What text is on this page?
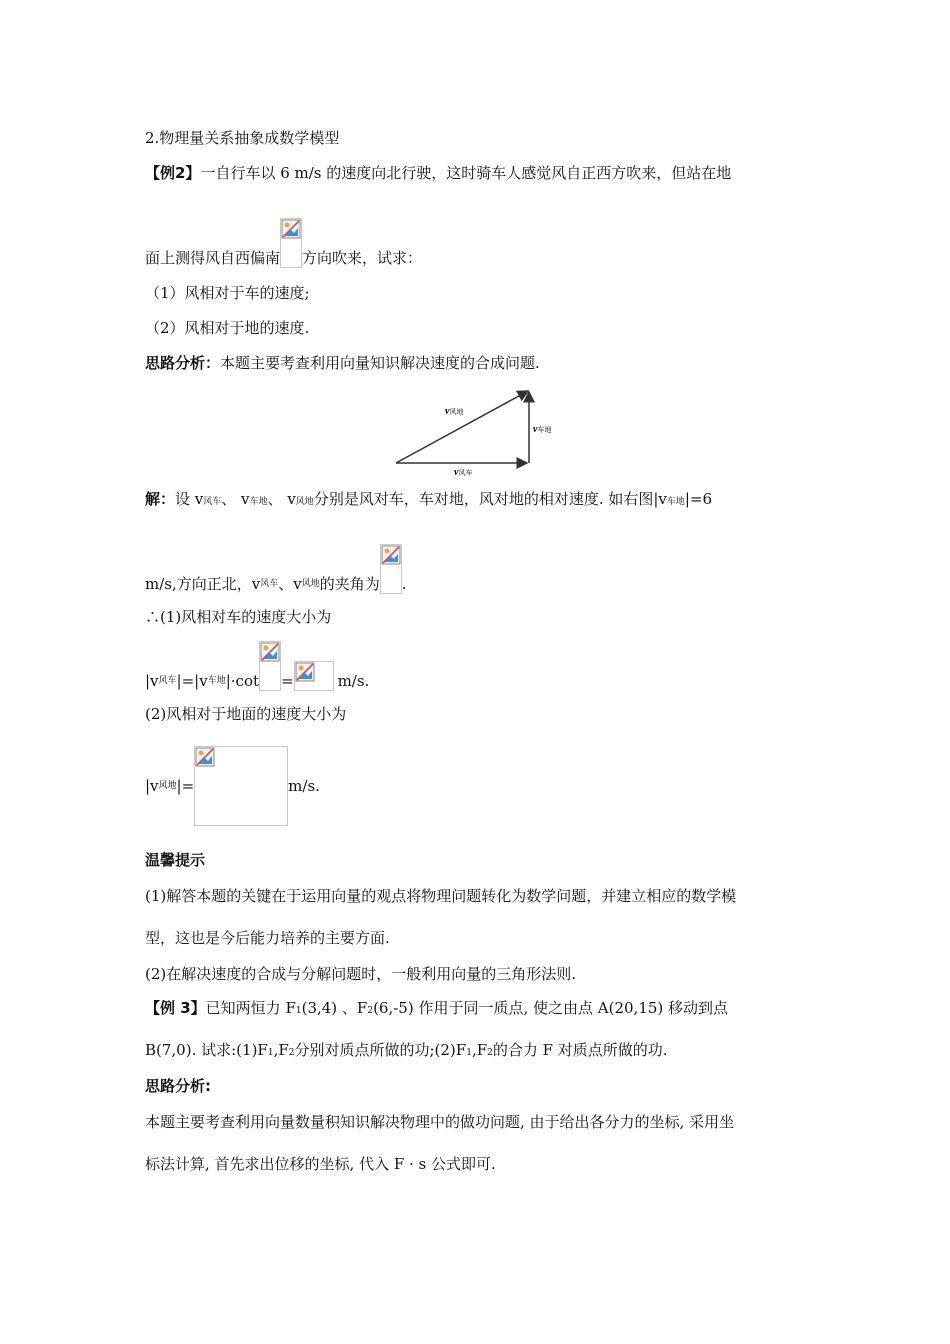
2.物理量关系抽象成数学模型
【例2】一自行车以 6 m/s 的速度向北行驶，这时骑车人感觉风自正西方吹来，但站在地
面上测得风自西偏南 方向吹来，试求：
（1）风相对于车的速度;
（2）风相对于地的速度.
思路分析：本题主要考查利用向量知识解决速度的合成问题.
v风地
v车地
v风车
解：设 v风车、 v车地、 v风地分别是风对车，车对地，风对地的相对速度. 如右图|v车地|=6
m/s,方向正北，v风车、v风地的夹角为 .
∴(1)风相对车的速度大小为
|v风车|=|v车地|·cot =	m/s.
(2)风相对于地面的速度大小为
|v风地|=	m/s.
温馨提示
(1)解答本题的关键在于运用向量的观点将物理问题转化为数学问题，并建立相应的数学模
型，这也是今后能力培养的主要方面.
(2)在解决速度的合成与分解问题时，一般利用向量的三角形法则.
【例 3】已知两恒力 F1(3,4) 、F2(6,-5) 作用于同一质点, 使之由点 A(20,15) 移动到点
B(7,0). 试求:(1)F1,F2分别对质点所做的功;(2)F1,F2的合力 F 对质点所做的功.
思路分析:
本题主要考查利用向量数量积知识解决物理中的做功问题, 由于给出各分力的坐标, 采用坐
标法计算, 首先求出位移的坐标, 代入 F · s 公式即可.
